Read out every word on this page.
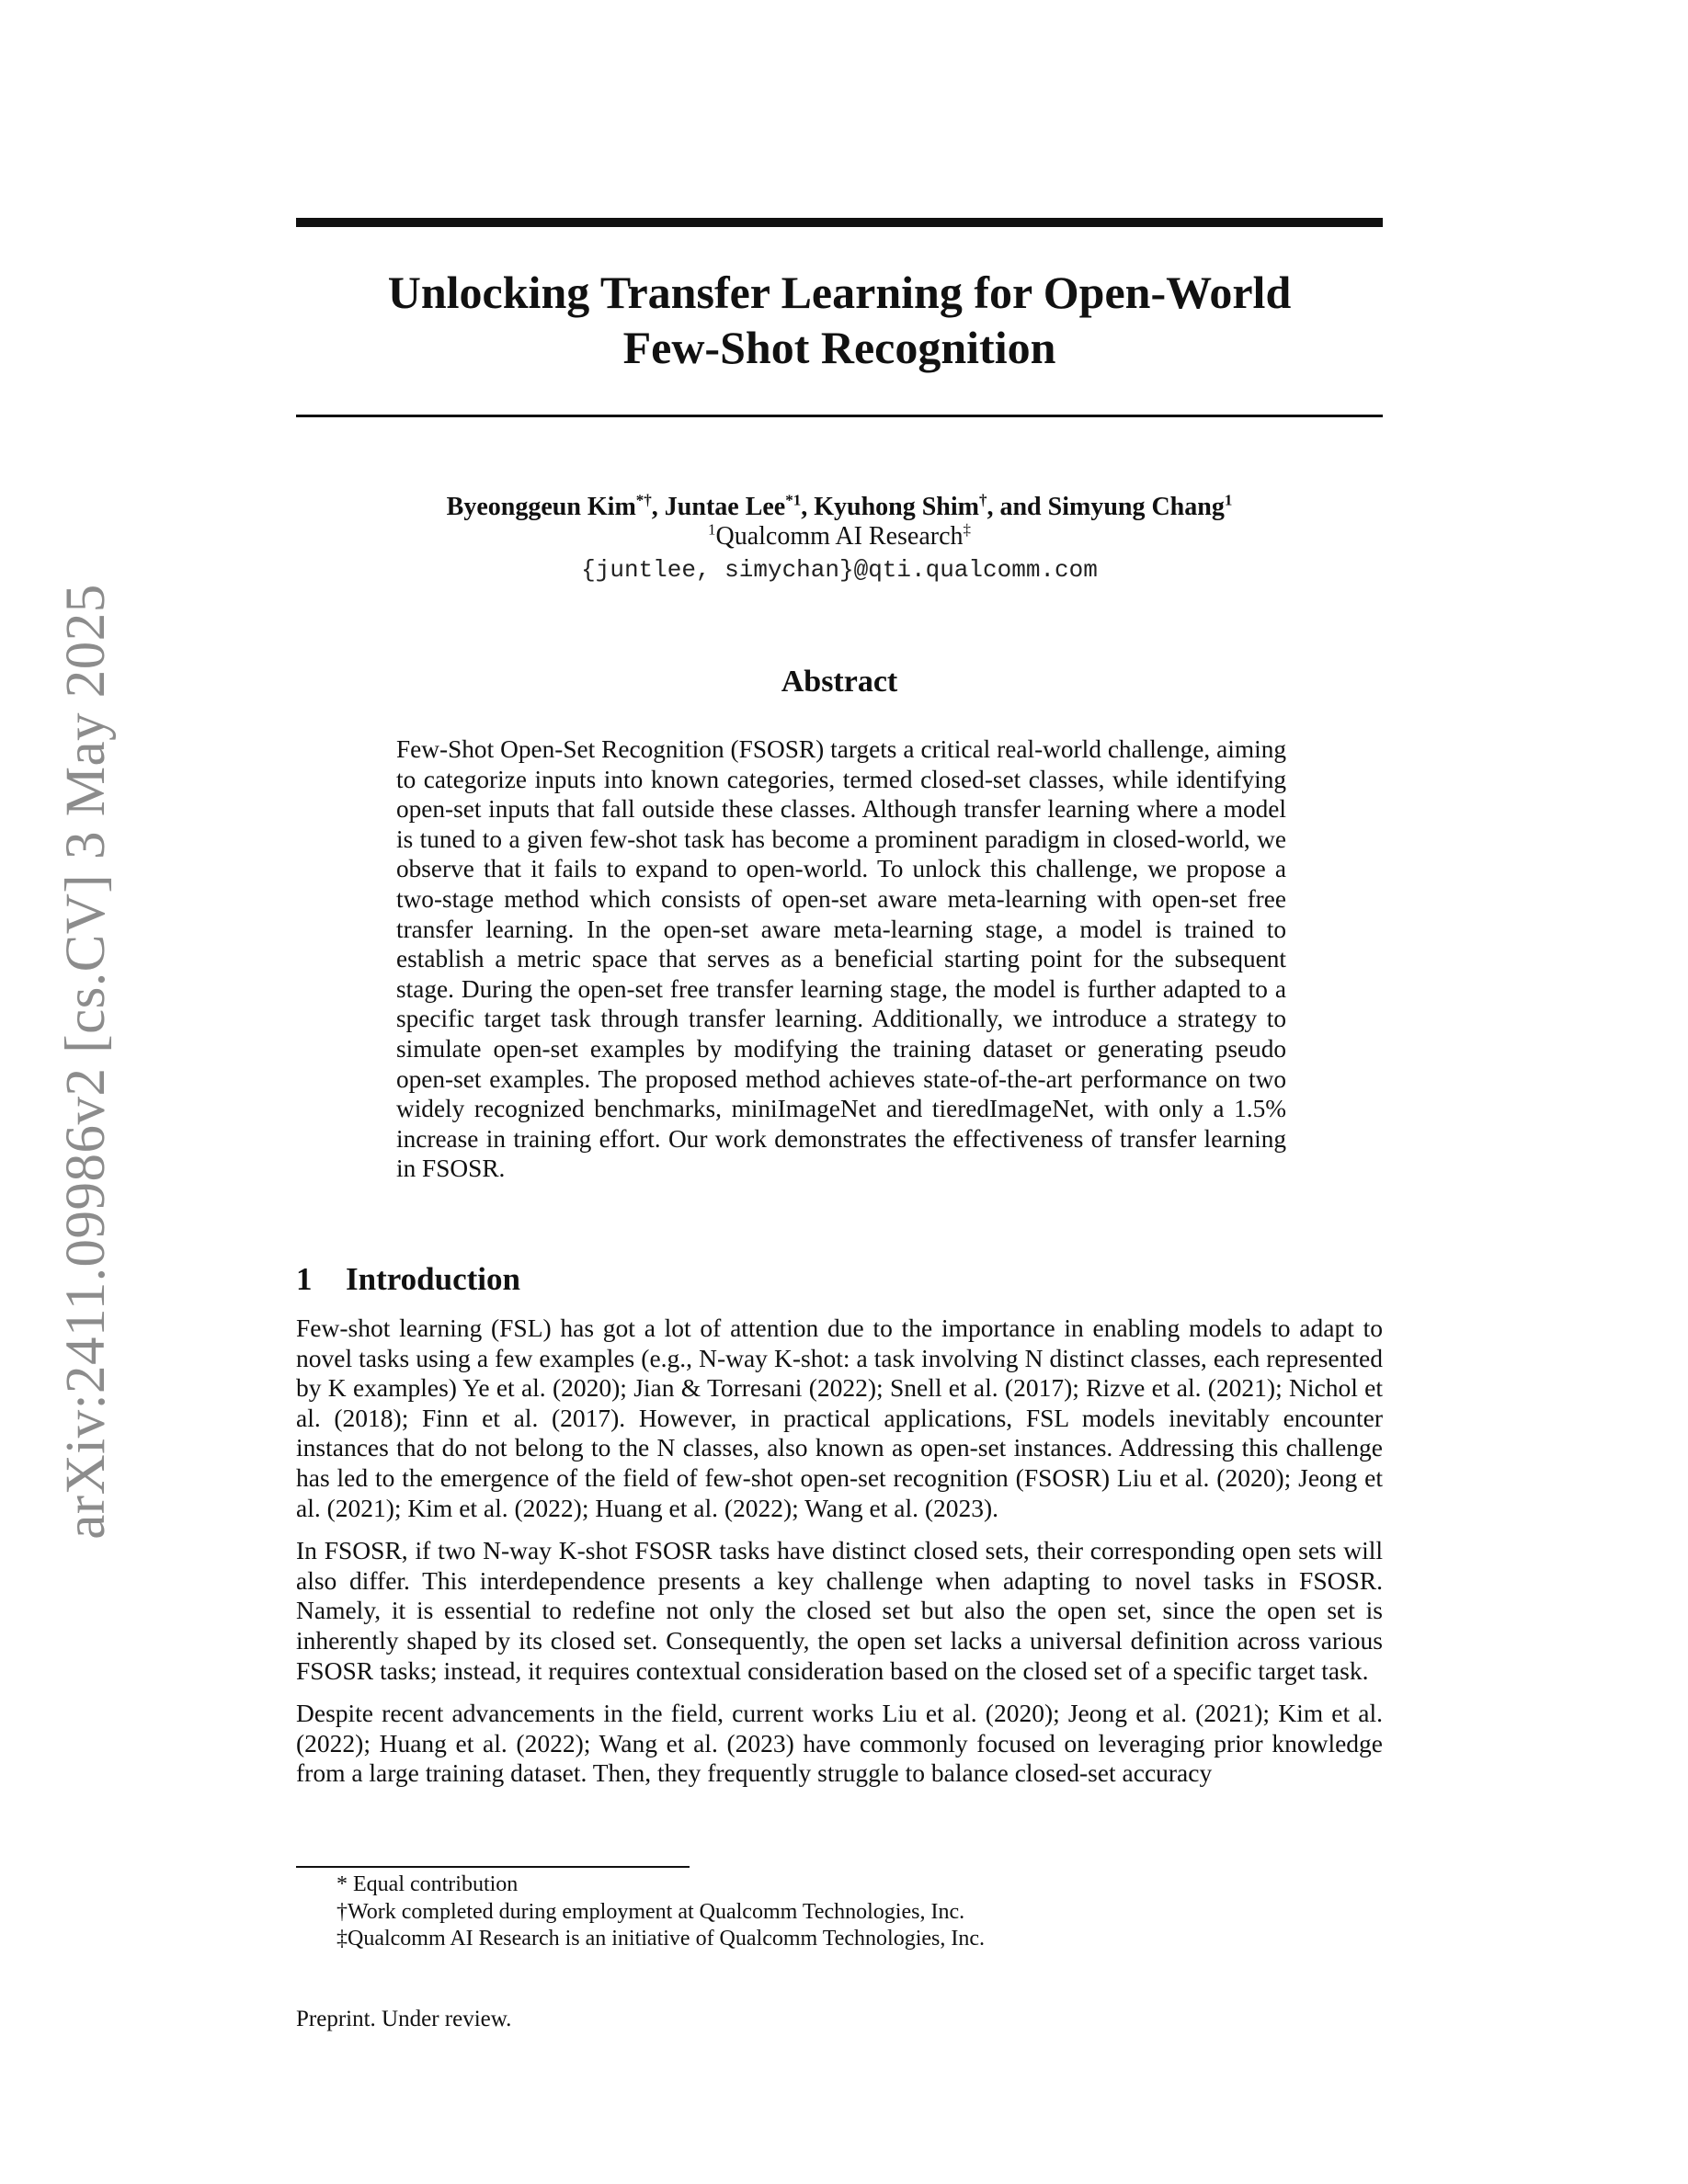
arXiv:2411.09986v2 [cs.CV] 3 May 2025
Unlocking Transfer Learning for Open-World
Few-Shot Recognition
Byeonggeun Kim*†, Juntae Lee$^{*1}$, Kyuhong Shim†, and Simyung Chang$^1$
$^1$Qualcomm AI Research‡
{juntlee, simychan}@qti.qualcomm.com
Abstract
Few-Shot Open-Set Recognition (FSOSR) targets a critical real-world challenge, aiming to categorize inputs into known categories, termed closed-set classes, while identifying open-set inputs that fall outside these classes. Although transfer learning where a model is tuned to a given few-shot task has become a prominent paradigm in closed-world, we observe that it fails to expand to open-world. To unlock this challenge, we propose a two-stage method which consists of open-set aware meta-learning with open-set free transfer learning. In the open-set aware meta-learning stage, a model is trained to establish a metric space that serves as a beneficial starting point for the subsequent stage. During the open-set free transfer learning stage, the model is further adapted to a specific target task through transfer learning. Additionally, we introduce a strategy to simulate open-set examples by modifying the training dataset or generating pseudo open-set examples. The proposed method achieves state-of-the-art performance on two widely recognized benchmarks, miniImageNet and tieredImageNet, with only a 1.5% increase in training effort. Our work demonstrates the effectiveness of transfer learning in FSOSR.
1 Introduction

Few-shot learning (FSL) has got a lot of attention due to the importance in enabling models to adapt to novel tasks using a few examples (e.g., N-way K-shot: a task involving N distinct classes, each represented by K examples) Ye et al. (2020); Jian & Torresani (2022); Snell et al. (2017); Rizve et al. (2021); Nichol et al. (2018); Finn et al. (2017). However, in practical applications, FSL models inevitably encounter instances that do not belong to the N classes, also known as open-set instances. Addressing this challenge has led to the emergence of the field of few-shot open-set recognition (FSOSR) Liu et al. (2020); Jeong et al. (2021); Kim et al. (2022); Huang et al. (2022); Wang et al. (2023).

In FSOSR, if two N-way K-shot FSOSR tasks have distinct closed sets, their corresponding open sets will also differ. This interdependence presents a key challenge when adapting to novel tasks in FSOSR. Namely, it is essential to redefine not only the closed set but also the open set, since the open set is inherently shaped by its closed set. Consequently, the open set lacks a universal definition across various FSOSR tasks; instead, it requires contextual consideration based on the closed set of a specific target task.

Despite recent advancements in the field, current works Liu et al. (2020); Jeong et al. (2021); Kim et al. (2022); Huang et al. (2022); Wang et al. (2023) have commonly focused on leveraging prior knowledge from a large training dataset. Then, they frequently struggle to balance closed-set accuracy

* Equal contribution
†Work completed during employment at Qualcomm Technologies, Inc.
‡Qualcomm AI Research is an initiative of Qualcomm Technologies, Inc.
Preprint. Under review.
